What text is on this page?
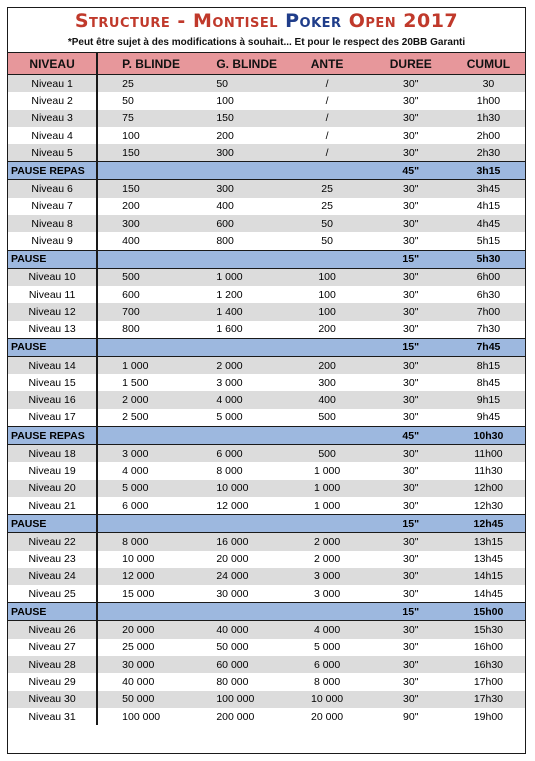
Structure - Montisel Poker Open 2017
*Peut être sujet à des modifications à souhait... Et pour le respect des 20BB Garanti
NIVEAU	P. BLINDE	G. BLINDE	ANTE	DUREE	CUMUL
Niveau 1	25	50	/	30"	30
Niveau 2	50	100	/	30"	1h00
Niveau 3	75	150	/	30"	1h30
Niveau 4	100	200	/	30"	2h00
Niveau 5	150	300	/	30"	2h30
PAUSE REPAS				45"	3h15
Niveau 6	150	300	25	30"	3h45
Niveau 7	200	400	25	30"	4h15
Niveau 8	300	600	50	30"	4h45
Niveau 9	400	800	50	30"	5h15
PAUSE				15"	5h30
Niveau 10	500	1 000	100	30"	6h00
Niveau 11	600	1 200	100	30"	6h30
Niveau 12	700	1 400	100	30"	7h00
Niveau 13	800	1 600	200	30"	7h30
PAUSE				15"	7h45
Niveau 14	1 000	2 000	200	30"	8h15
Niveau 15	1 500	3 000	300	30"	8h45
Niveau 16	2 000	4 000	400	30"	9h15
Niveau 17	2 500	5 000	500	30"	9h45
PAUSE REPAS				45"	10h30
Niveau 18	3 000	6 000	500	30"	11h00
Niveau 19	4 000	8 000	1 000	30"	11h30
Niveau 20	5 000	10 000	1 000	30"	12h00
Niveau 21	6 000	12 000	1 000	30"	12h30
PAUSE				15"	12h45
Niveau 22	8 000	16 000	2 000	30"	13h15
Niveau 23	10 000	20 000	2 000	30"	13h45
Niveau 24	12 000	24 000	3 000	30"	14h15
Niveau 25	15 000	30 000	3 000	30"	14h45
PAUSE				15"	15h00
Niveau 26	20 000	40 000	4 000	30"	15h30
Niveau 27	25 000	50 000	5 000	30"	16h00
Niveau 28	30 000	60 000	6 000	30"	16h30
Niveau 29	40 000	80 000	8 000	30"	17h00
Niveau 30	50 000	100 000	10 000	30"	17h30
Niveau 31	100 000	200 000	20 000	90"	19h00
